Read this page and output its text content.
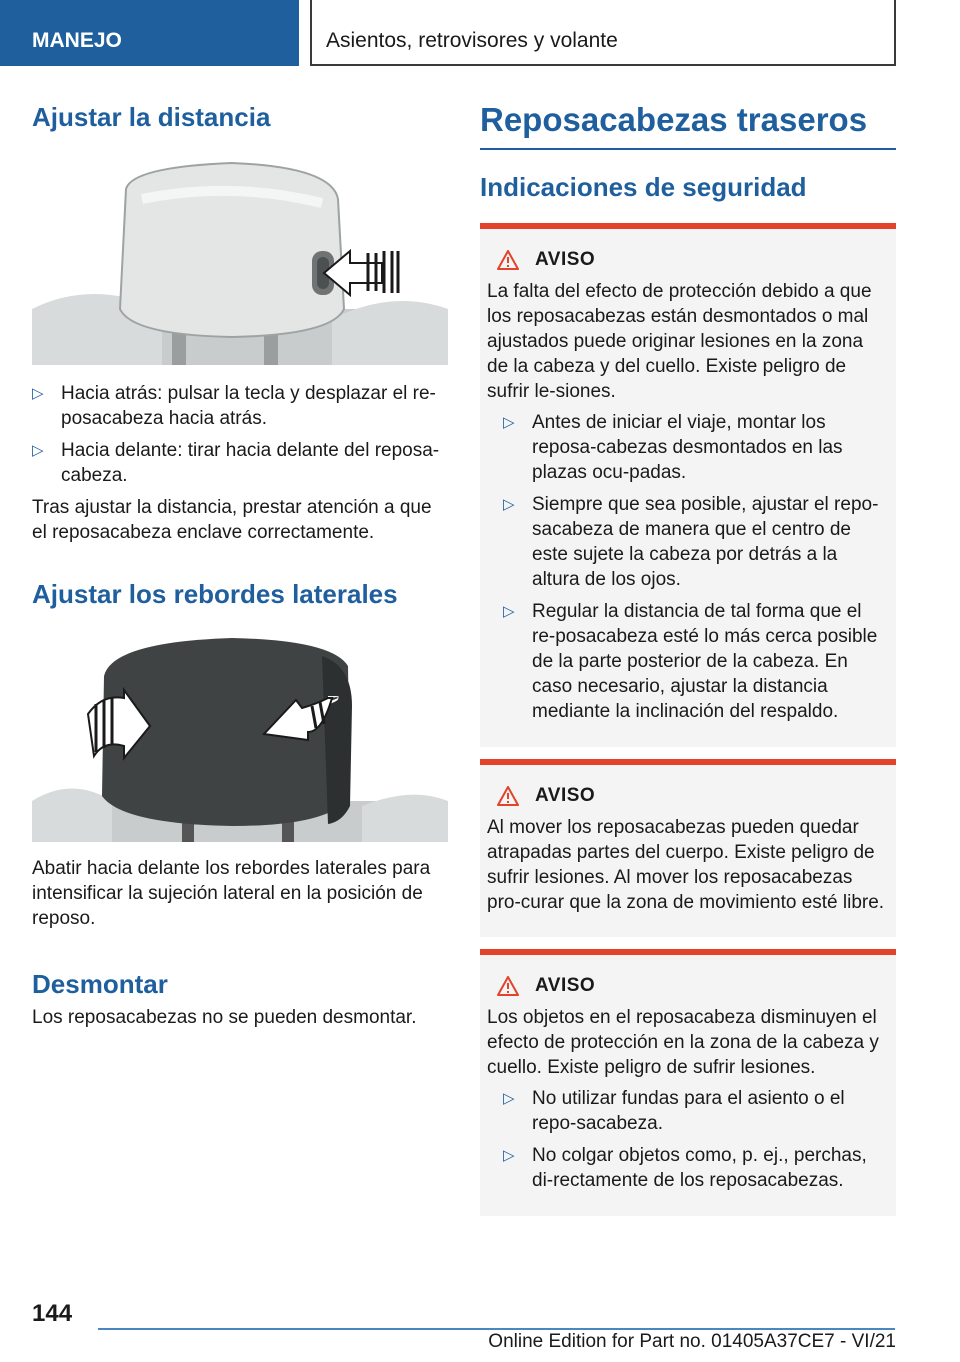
MANEJO	Asientos, retrovisores y volante
Ajustar la distancia
▷ Hacia atrás: pulsar la tecla y desplazar el re-posacabeza hacia atrás.
▷ Hacia delante: tirar hacia delante del reposa-cabeza.

Tras ajustar la distancia, prestar atención a que el reposacabeza enclave correctamente.

Ajustar los rebordes laterales

Abatir hacia delante los rebordes laterales para intensificar la sujeción lateral en la posición de reposo.

Desmontar

Los reposacabezas no se pueden desmontar.

Reposacabezas traseros
Indicaciones de seguridad
AVISO

La falta del efecto de protección debido a que los reposacabezas están desmontados o mal ajustados puede originar lesiones en la zona de la cabeza y del cuello. Existe peligro de sufrir le-siones.

▷ Antes de iniciar el viaje, montar los reposa-cabezas desmontados en las plazas ocu-padas.
▷ Siempre que sea posible, ajustar el repo-sacabeza de manera que el centro de este sujete la cabeza por detrás a la altura de los ojos.
▷ Regular la distancia de tal forma que el re-posacabeza esté lo más cerca posible de la parte posterior de la cabeza. En caso necesario, ajustar la distancia mediante la inclinación del respaldo.
AVISO

Al mover los reposacabezas pueden quedar atrapadas partes del cuerpo. Existe peligro de sufrir lesiones. Al mover los reposacabezas pro-curar que la zona de movimiento esté libre.

AVISO

Los objetos en el reposacabeza disminuyen el efecto de protección en la zona de la cabeza y cuello. Existe peligro de sufrir lesiones.

▷ No utilizar fundas para el asiento o el repo-sacabeza.
▷ No colgar objetos como, p. ej., perchas, di-rectamente de los reposacabezas.
144
Online Edition for Part no. 01405A37CE7 - VI/21
